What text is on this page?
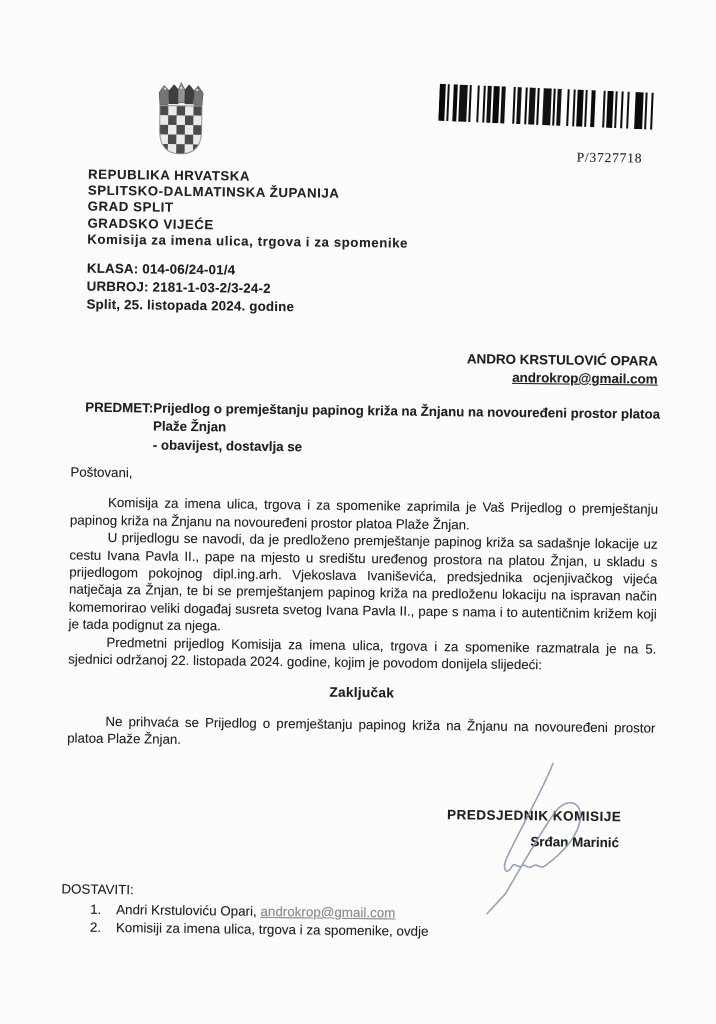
P/3727718
REPUBLIKA HRVATSKA
SPLITSKO-DALMATINSKA ŽUPANIJA
GRAD SPLIT
GRADSKO VIJEĆE
Komisija za imena ulica, trgova i za spomenike
KLASA: 014-06/24-01/4
URBROJ: 2181-1-03-2/3-24-2
Split, 25. listopada 2024. godine
ANDRO KRSTULOVIĆ OPARA
androkrop@gmail.com
PREDMET: Prijedlog o premještanju papinog križa na Žnjanu na novouređeni prostor platoa Plaže Žnjan
- obavijest, dostavlja se

Poštovani,

Komisija za imena ulica, trgova i za spomenike zaprimila je Vaš Prijedlog o premještanju papinog križa na Žnjanu na novouređeni prostor platoa Plaže Žnjan.

U prijedlogu se navodi, da je predloženo premještanje papinog križa sa sadašnje lokacije uz cestu Ivana Pavla II., pape na mjesto u središtu uređenog prostora na platou Žnjan, u skladu s prijedlogom pokojnog dipl.ing.arh. Vjekoslava Ivaniševića, predsjednika ocjenjivačkog vijeća natječaja za Žnjan, te bi se premještanjem papinog križa na predloženu lokaciju na ispravan način komemorirao veliki događaj susreta svetog Ivana Pavla II., pape s nama i to autentičnim križem koji je tada podignut za njega.

Predmetni prijedlog Komisija za imena ulica, trgova i za spomenike razmatrala je na 5. sjednici održanoj 22. listopada 2024. godine, kojim je povodom donijela slijedeći:

Zaključak

Ne prihvaća se Prijedlog o premještanju papinog križa na Žnjanu na novouređeni prostor platoa Plaže Žnjan.

PREDSJEDNIK KOMISIJE
Srđan Marinić
DOSTAVITI:
1. Andri Krstuloviću Opari, androkrop@gmail.com
2. Komisiji za imena ulica, trgova i za spomenike, ovdje
